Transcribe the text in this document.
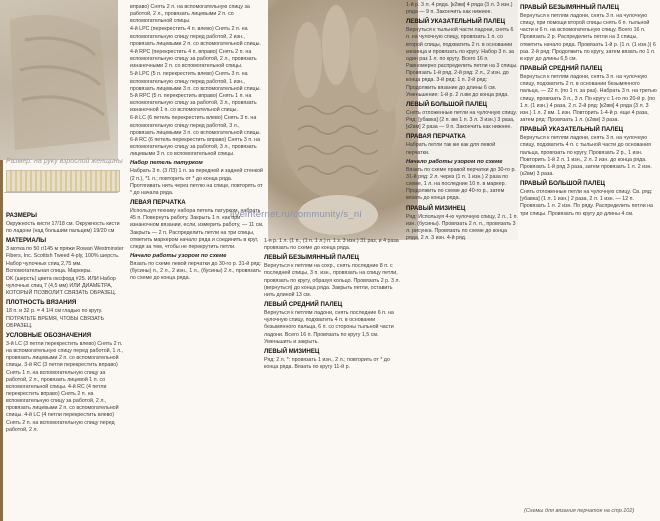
Размер: на руку взрослой женщины
liveinternet.ru/community/s_ni
РАЗМЕРЫ

Окружность кисти 17/18 см. Окружность кисти по ладони (над большим пальцем) 19/20 см

МАТЕРИАЛЫ

3 мотка по 50 г/145 м пряжи Rowan Westminster Fibers, Inc. Scottish Tweed 4-ply, 100% шерсть. Набор чулочных спиц 2,75 мм. Вспомогательная спица. Маркеры.

DK (шерсть) цвета оксфорд #25. ИЛИ Набор чулочных спиц 7 (4,5 мм) ИЛИ ДИАМЕТРА, КОТОРЫЙ ПОЗВОЛИТ СВЯЗАТЬ ОБРАЗЕЦ.

ПЛОТНОСТЬ ВЯЗАНИЯ

18 п. и 32 р. = 4 1/4 см гладью по кругу. ПОТРАТЬТЕ ВРЕМЯ, ЧТОБЫ СВЯЗАТЬ ОБРАЗЕЦ.

УСЛОВНЫЕ ОБОЗНАЧЕНИЯ

3-й LC (3 петли перекрестить влево) Снять 2 п. на вспомогательную спицу перед работой, 1 л., провязать лицевыми 2 п. со вспомогательной спицы. 3-й RC (3 петли перекрестить вправо) Снять 1 п. на вспомогательную спицу за работой, 2 л., провязать лицевой 1 п. со вспомогательной спицы. 4-й RC (4 петли перекрестить вправо) Снять 2 п. на вспомогательную спицу за работой, 2 л., провязать лицевыми 2 п. со вспомогательной спицы. 4-й LC (4 петли перекрестить влево) Снять 2 п. на вспомогательную спицу перед работой, 2 л.

вправо) Снять 2 п. на вспомогательную спицу за работой, 2 л., провязать лицевыми 2 п. со вспомогательной спицы.

4-й LPC (перекрестить 4 п. влево) Снять 2 п. на вспомогательную спицу перед работой, 2 изн., провязать лицевыми 2 п. со вспомогательной спицы.

4-й RPC (перекрестить 4 п. вправо) Снять 2 п. на вспомогательную спицу за работой, 2 л., провязать изнаночными 2 п. со вспомогательной спицы.

5-й LPC (5 п. перекрестить влево) Снять 3 п. на вспомогательную спицу перед работой, 1 изн., провязать лицевыми 3 п. со вспомогательной спицы. 5-й RPC (5 п. перекрестить вправо) Снять 1 п. на вспомогательную спицу за работой, 3 л., провязать изнаночной 1 п. со вспомогательной спицы.

6-й LC (6 петель перекрестить влево) Снять 3 п. на вспомогательную спицу перед работой, 3 л., провязать лицевыми 3 п. со вспомогательной спицы. 6-й RC (6 петель перекрестить вправо) Снять 3 п. на вспомогательную спицу за работой, 3 л., провязать лицевыми 3 п. со вспомогательной спицы.

Набор петель патурком

Набрать 3 п. (3 ЛЗ) 1 п. за передней и задней стенкой (2 п.), *1 л.; повторить от * до конца ряда. Протягивать нить через петлю на спице, повторять от * до начала ряда.

ЛЕВАЯ ПЕРЧАТКА

Используя технику набора петель патурком, набрать 45 п. Повернуть работу. Закрыть 1 п. как при изнаночном вязании, если, измерить работу, — 11 см. Закрыть — 2 п. Распределить петли на три спицы, отметить маркером начало ряда и соединить в круг, следя за тем, чтобы не перекрутить петли.

Начало работы узором по схеме

Вязать по схеме левой перчатки до 30-го р. 31-й ряд: (бусины) п., 2 л., 2 изн., 1 л., (бусины) 2 л., провязать по схеме до конца ряда.

1-я р. 1 л. (1 п., (1 п. 1 л.) п. 1 з. 3 изн.) 31 раз, и 4 раза провязать по схеме до конца ряда.

ЛЕВЫЙ БЕЗЫМЯННЫЙ ПАЛЕЦ

Вернуться к петлям на сохр., снять последние 8 п. с последней спицы, 3 п. изн., провязать на спицу петли, провязать по кругу, образуя кольцо. Провязать 2 р. 3 л. (вернуться) до конца ряда. Закрыть петли, оставить нить длиной 13 см.

ЛЕВЫЙ СРЕДНИЙ ПАЛЕЦ

Вернуться к петлям ладони, снять последние 6 п. на чулочную спицу, подхватить 4 п. в основании безымянного пальца, 6 п. со стороны тыльной части ладони. Всего 16 п. Провязать по кругу 1,5 см. Уменьшить и закрыть.

ЛЕВЫЙ МИЗИНЕЦ

Ряд: 2 л. *: провязать 1 изн., 2 л.; повторить от * до конца ряда. Вязать по кругу 11-й р.

1-й р. 3 л. 4 ряда. [к2вм] 4 ряда (3 л. 3 изн.) ряда — 9 п. Закончить как нижнее.

ЛЕВЫЙ УКАЗАТЕЛЬНЫЙ ПАЛЕЦ

Вернуться к тыльной части ладони, снять 6 п. на чулочную спицу, провязать 1 п. со второй спицы, подхватить 2 п. в основании мизинца и провязать по кругу. Набор 3 п. за один раз 1 л. по кругу. Всего 16 п. Равномерно распределить петли на 3 спицы. Провязать 1-й ряд. 2-й ряд: 2 л., 2 изн. до конца ряда. 3-й ряд: 1 п. 2-й ряд: Продолжить вязание до длины 6 см. Уменьшение: 1-й р. 2 л.вм до конца ряда.

ЛЕВЫЙ БОЛЬШОЙ ПАЛЕЦ

Снять отложенные петли на чулочную спицу. Ряд: [убавка] (2 п. вм 1 п. 3 л. 3 изн.) 3 раза, [к2вм] 2 раза — 9 п. Закончить как нижнее.

ПРАВАЯ ПЕРЧАТКА

Набрать петли так же как для левой перчатки.

Начало работы узором по схеме

Вязать по схеме правой перчатки до 30-го р. 31-й ряд: 2 л. через (1 п. 1 изн.) 2 раза по схеме, 1 л. на последние 10 п. в маркер. Продолжить по схеме до 40-го р., затем вязать до конца ряда.

ПРАВЫЙ МИЗИНЕЦ

Ряд: Используя 4-ю чулочную спицу, 2 л., 1 п. изн. (бусины). Провязать 2 п. п., провязать 3 л. рисунка. Провязать по схеме до конца ряда, 2 л. 3 изн. 4-й ряд.

ПРАВЫЙ БЕЗЫМЯННЫЙ ПАЛЕЦ

Вернуться к петлям ладони, снять 3 п. на чулочную спицу, при помощи второй спицы снять 6 п. тыльной части и 6 п. на вспомогательную спицу. Всего 16 п. Провязать 2 р. Распределить петли на 3 спицы, отметить начало ряда. Провязать 1-й р. (1 л. (1 изн.)) 6 раз. 2-й ряд: Продолжить по кругу, затем вязать по 1 п. в круг до длины 6,5 см.

ПРАВЫЙ СРЕДНИЙ ПАЛЕЦ

Вернуться к петлям ладони, снять 3 п. на чулочную спицу, подхватить 2 п. в основании безымянного пальца, — 22 п. (по 1 п. за раз). Набрать 3 п. на третью спицу, провязать 3 п., 3 л. По кругу с 1-го по 20-й р. (по 1 л. (1 изн.) 4 раза, 2 л. 2-й ряд: [к2вм] 4 ряда (3 л. 3 изн.) 1 л. 2 вм. 1 изн. Повторить 1-4-й р. еще 4 раза, затем ряд: Провязать 1 л. (к2вм) 3 раза.

ПРАВЫЙ УКАЗАТЕЛЬНЫЙ ПАЛЕЦ

Вернуться к петлям ладони, снять 3 п. на чулочную спицу, подхватить 4 п. с тыльной части до основания пальца, провязать по кругу. Провязать 2 р., 1 изн. Повторить 1-й 2 л. 1 изн., 2 л. 2 изн. до конца ряда. Провязать 1-й ряд 3 раза, затем провязать 1 л. 2 изн. (к2вм) 3 раза.

ПРАВЫЙ БОЛЬШОЙ ПАЛЕЦ

Снять отложенные петли на чулочную спицу. Св. ряд: [убавка] (1 л. 1 изн.) 2 раза, 2 л. 1 изн. — 12 п. Провязать 1 л. 2 изн. По ряду. Распределить петли на три спицы. Провязать по кругу до длины 4 см.

(Схемы для вязания перчаток на стр.102)
